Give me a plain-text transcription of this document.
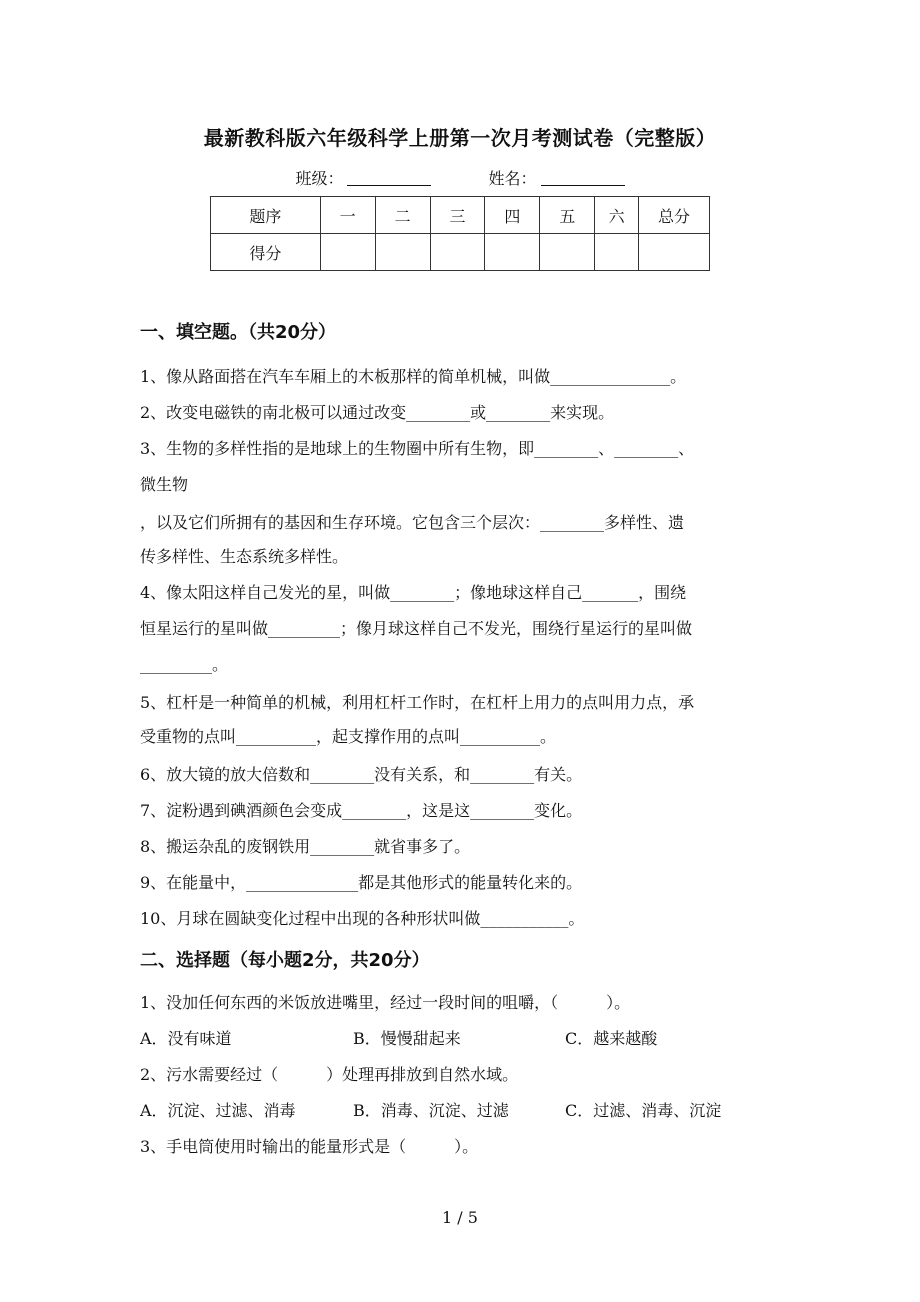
最新教科版六年级科学上册第一次月考测试卷（完整版）
班级：	姓名：
题序	一	二	三	四	五	六	总分
得分							
一、填空题。（共20分）
1、像从路面搭在汽车车厢上的木板那样的简单机械，叫做_______________。
2、改变电磁铁的南北极可以通过改变________或________来实现。
3、生物的多样性指的是地球上的生物圈中所有生物，即________、________、
微生物
，以及它们所拥有的基因和生存环境。它包含三个层次：________多样性、遗
传多样性、生态系统多样性。
4、像太阳这样自己发光的星，叫做________；像地球这样自己_______，围绕
恒星运行的星叫做_________；像月球这样自己不发光，围绕行星运行的星叫做
_________。
5、杠杆是一种简单的机械，利用杠杆工作时，在杠杆上用力的点叫用力点，承
受重物的点叫__________，起支撑作用的点叫__________。
6、放大镜的放大倍数和________没有关系，和________有关。
7、淀粉遇到碘酒颜色会变成________，这是这________变化。
8、搬运杂乱的废钢铁用________就省事多了。
9、在能量中，______________都是其他形式的能量转化来的。
10、月球在圆缺变化过程中出现的各种形状叫做___________。
二、选择题（每小题2分，共20分）
1、没加任何东西的米饭放进嘴里，经过一段时间的咀嚼，（　　　）。
A．没有味道	B．慢慢甜起来	C．越来越酸
2、污水需要经过（　　　）处理再排放到自然水域。
A．沉淀、过滤、消毒	B．消毒、沉淀、过滤	C．过滤、消毒、沉淀
3、手电筒使用时输出的能量形式是（　　　）。
1 / 5
